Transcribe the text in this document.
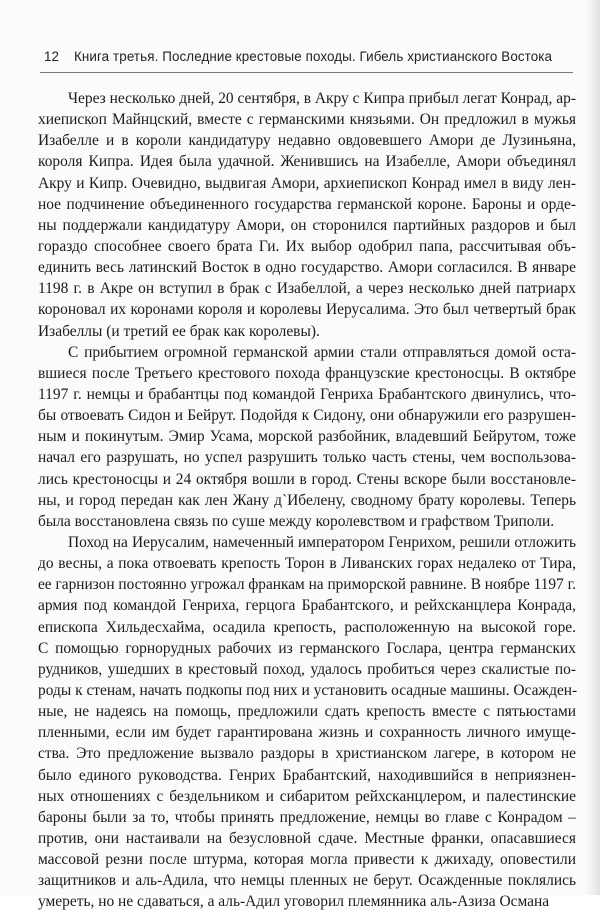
12 Книга третья. Последние крестовые походы. Гибель христианского Востока
Через несколько дней, 20 сентября, в Акру с Кипра прибыл легат Конрад, ар-
хиепископ Майнцский, вместе с германскими князьями. Он предложил в мужья
Изабелле и в короли кандидатуру недавно овдовевшего Амори де Лузиньяна,
короля Кипра. Идея была удачной. Женившись на Изабелле, Амори объединял
Акру и Кипр. Очевидно, выдвигая Амори, архиепископ Конрад имел в виду лен-
ное подчинение объединенного государства германской короне. Бароны и орде-
ны поддержали кандидатуру Амори, он сторонился партийных раздоров и был
гораздо способнее своего брата Ги. Их выбор одобрил папа, рассчитывая объ-
единить весь латинский Восток в одно государство. Амори согласился. В январе
1198 г. в Акре он вступил в брак с Изабеллой, а через несколько дней патриарх
короновал их коронами короля и королевы Иерусалима. Это был четвертый брак
Изабеллы (и третий ее брак как королевы).
С прибытием огромной германской армии стали отправляться домой оста-
вшиеся после Третьего крестового похода французские крестоносцы. В октябре
1197 г. немцы и брабантцы под командой Генриха Брабантского двинулись, что-
бы отвоевать Сидон и Бейрут. Подойдя к Сидону, они обнаружили его разрушен-
ным и покинутым. Эмир Усама, морской разбойник, владевший Бейрутом, тоже
начал его разрушать, но успел разрушить только часть стены, чем воспользова-
лись крестоносцы и 24 октября вошли в город. Стены вскоре были восстановле-
ны, и город передан как лен Жану д`Ибелену, сводному брату королевы. Теперь
была восстановлена связь по суше между королевством и графством Триполи.
Поход на Иерусалим, намеченный императором Генрихом, решили отложить
до весны, а пока отвоевать крепость Торон в Ливанских горах недалеко от Тира,
ее гарнизон постоянно угрожал франкам на приморской равнине. В ноябре 1197 г.
армия под командой Генриха, герцога Брабантского, и рейхсканцлера Конрада,
епископа Хильдесхайма, осадила крепость, расположенную на высокой горе.
С помощью горнорудных рабочих из германского Гослара, центра германских
рудников, ушедших в крестовый поход, удалось пробиться через скалистые по-
роды к стенам, начать подкопы под них и установить осадные машины. Осажден-
ные, не надеясь на помощь, предложили сдать крепость вместе с пятьюстами
пленными, если им будет гарантирована жизнь и сохранность личного имуще-
ства. Это предложение вызвало раздоры в христианском лагере, в котором не
было единого руководства. Генрих Брабантский, находившийся в неприязнен-
ных отношениях с бездельником и сибаритом рейхсканцлером, и палестинские
бароны были за то, чтобы принять предложение, немцы во главе с Конрадом –
против, они настаивали на безусловной сдаче. Местные франки, опасавшиеся
массовой резни после штурма, которая могла привести к джихаду, оповестили
защитников и аль-Адила, что немцы пленных не берут. Осажденные поклялись
умереть, но не сдаваться, а аль-Адил уговорил племянника аль-Азиза Османа
